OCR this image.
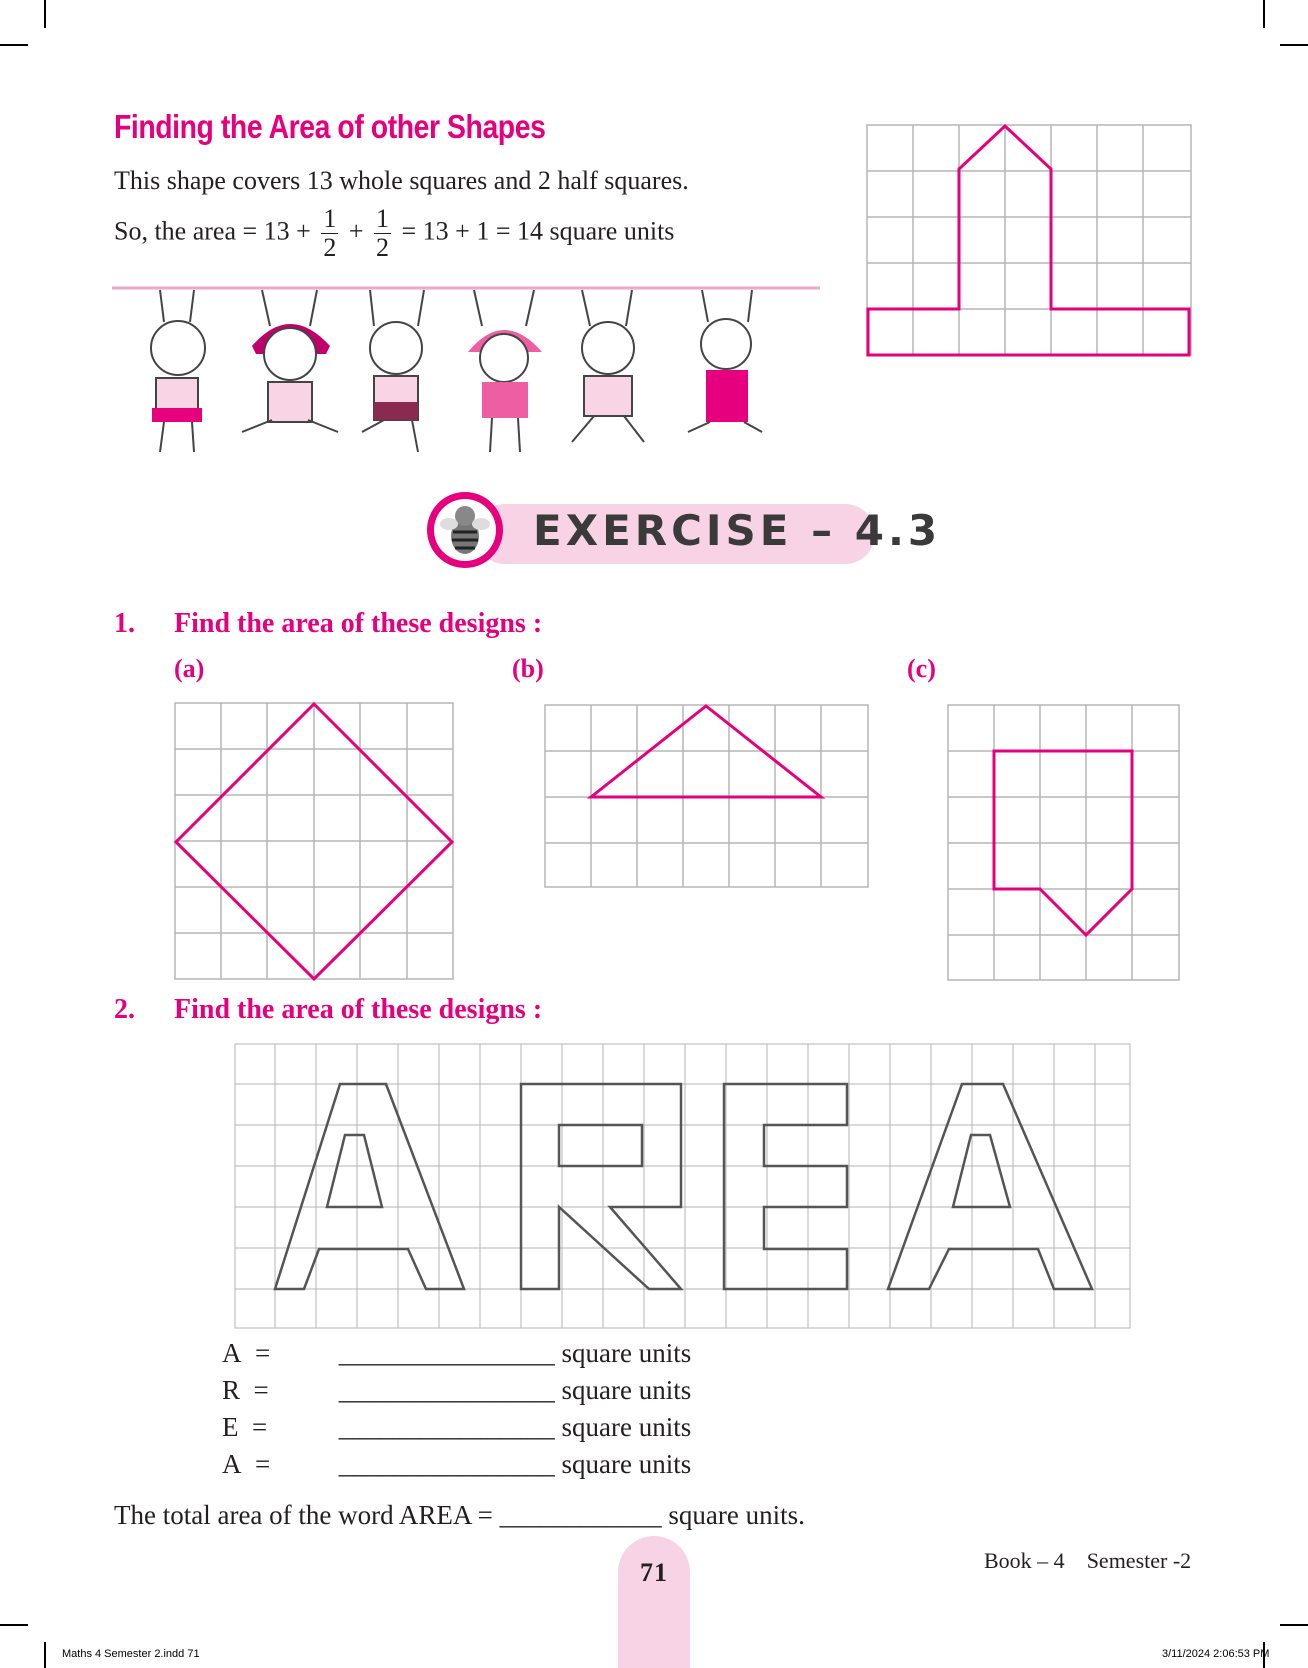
Finding the Area of other Shapes
This shape covers 13 whole squares and 2 half squares.
So, the area = $13 + \frac{1}{2} + \frac{1}{2} = 13 + 1 = 14$ square units
EXERCISE – 4.3
1. Find the area of these designs :
(a)	(b)	(c)
2. Find the area of these designs :
A =	________________ square units
R =	________________ square units
E =	________________ square units
A =	________________ square units
The total area of the word AREA = ____________ square units.
71	Book – 4 Semester -2
Maths 4 Semester 2.indd 71	3/11/2024 2:06:53 PM
